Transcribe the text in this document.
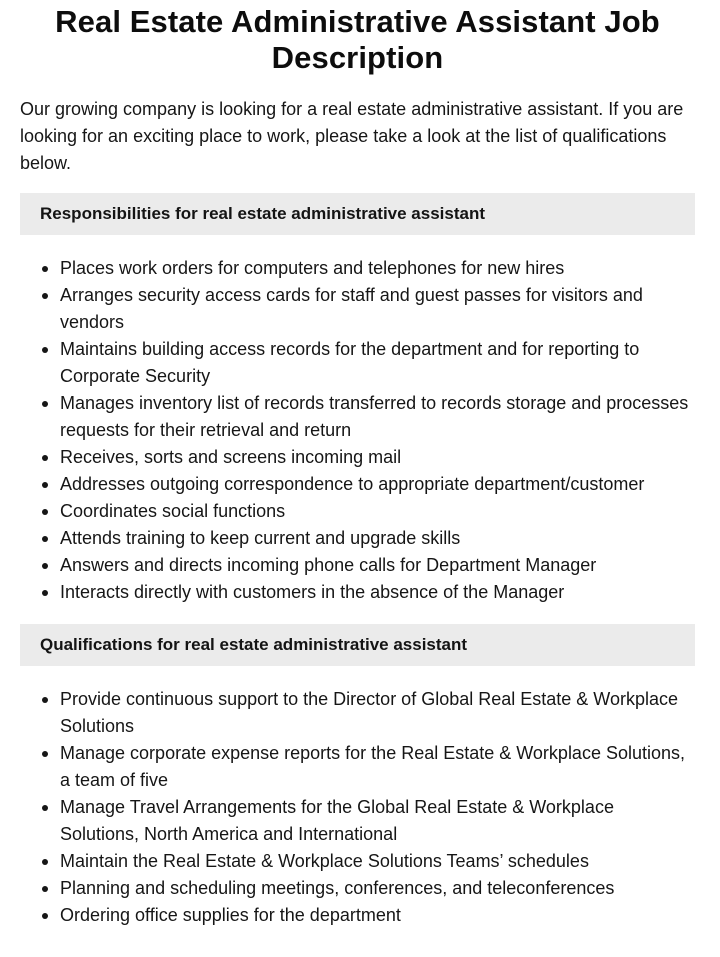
Real Estate Administrative Assistant Job Description

Our growing company is looking for a real estate administrative assistant. If you are looking for an exciting place to work, please take a look at the list of qualifications below.

Responsibilities for real estate administrative assistant
Places work orders for computers and telephones for new hires
Arranges security access cards for staff and guest passes for visitors and vendors
Maintains building access records for the department and for reporting to Corporate Security
Manages inventory list of records transferred to records storage and processes requests for their retrieval and return
Receives, sorts and screens incoming mail
Addresses outgoing correspondence to appropriate department/customer
Coordinates social functions
Attends training to keep current and upgrade skills
Answers and directs incoming phone calls for Department Manager
Interacts directly with customers in the absence of the Manager
Qualifications for real estate administrative assistant
Provide continuous support to the Director of Global Real Estate & Workplace Solutions
Manage corporate expense reports for the Real Estate & Workplace Solutions, a team of five
Manage Travel Arrangements for the Global Real Estate & Workplace Solutions, North America and International
Maintain the Real Estate & Workplace Solutions Teams’ schedules
Planning and scheduling meetings, conferences, and teleconferences
Ordering office supplies for the department
